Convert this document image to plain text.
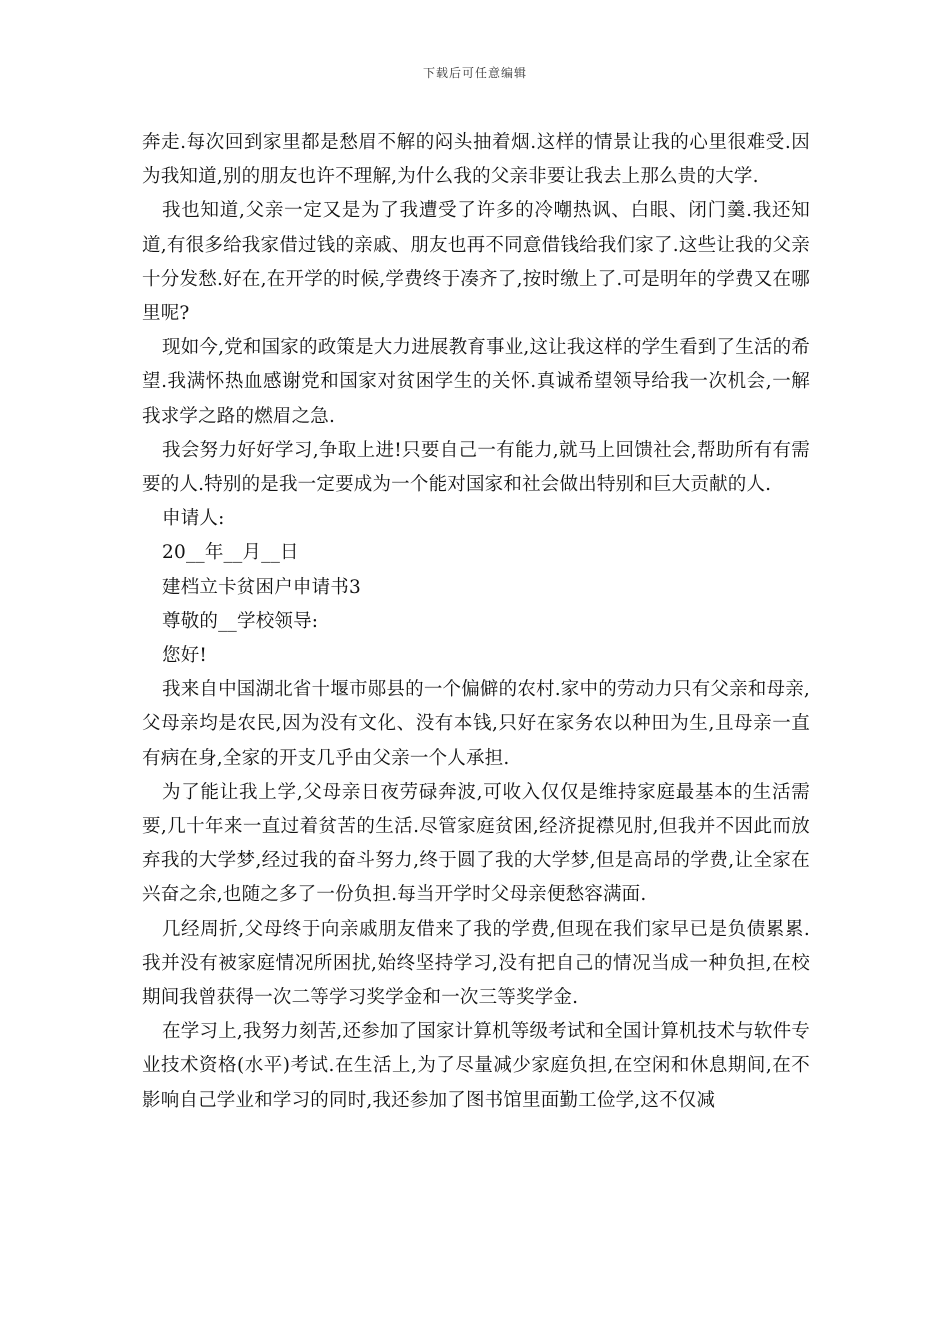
下载后可任意编辑

奔走.每次回到家里都是愁眉不解的闷头抽着烟.这样的情景让我的心里很难受.因为我知道,别的朋友也许不理解,为什么我的父亲非要让我去上那么贵的大学.

我也知道,父亲一定又是为了我遭受了许多的冷嘲热讽、白眼、闭门羹.我还知道,有很多给我家借过钱的亲戚、朋友也再不同意借钱给我们家了.这些让我的父亲十分发愁.好在,在开学的时候,学费终于凑齐了,按时缴上了.可是明年的学费又在哪里呢?

现如今,党和国家的政策是大力进展教育事业,这让我这样的学生看到了生活的希望.我满怀热血感谢党和国家对贫困学生的关怀.真诚希望领导给我一次机会,一解我求学之路的燃眉之急.

我会努力好好学习,争取上进!只要自己一有能力,就马上回馈社会,帮助所有有需要的人.特别的是我一定要成为一个能对国家和社会做出特别和巨大贡献的人.

申请人:

20__年__月__日

建档立卡贫困户申请书3

尊敬的__学校领导:

您好!

我来自中国湖北省十堰市郧县的一个偏僻的农村.家中的劳动力只有父亲和母亲,父母亲均是农民,因为没有文化、没有本钱,只好在家务农以种田为生,且母亲一直有病在身,全家的开支几乎由父亲一个人承担.

为了能让我上学,父母亲日夜劳碌奔波,可收入仅仅是维持家庭最基本的生活需要,几十年来一直过着贫苦的生活.尽管家庭贫困,经济捉襟见肘,但我并不因此而放弃我的大学梦,经过我的奋斗努力,终于圆了我的大学梦,但是高昂的学费,让全家在兴奋之余,也随之多了一份负担.每当开学时父母亲便愁容满面.

几经周折,父母终于向亲戚朋友借来了我的学费,但现在我们家早已是负债累累.我并没有被家庭情况所困扰,始终坚持学习,没有把自己的情况当成一种负担,在校期间我曾获得一次二等学习奖学金和一次三等奖学金.

在学习上,我努力刻苦,还参加了国家计算机等级考试和全国计算机技术与软件专业技术资格(水平)考试.在生活上,为了尽量减少家庭负担,在空闲和休息期间,在不影响自己学业和学习的同时,我还参加了图书馆里面勤工俭学,这不仅减
